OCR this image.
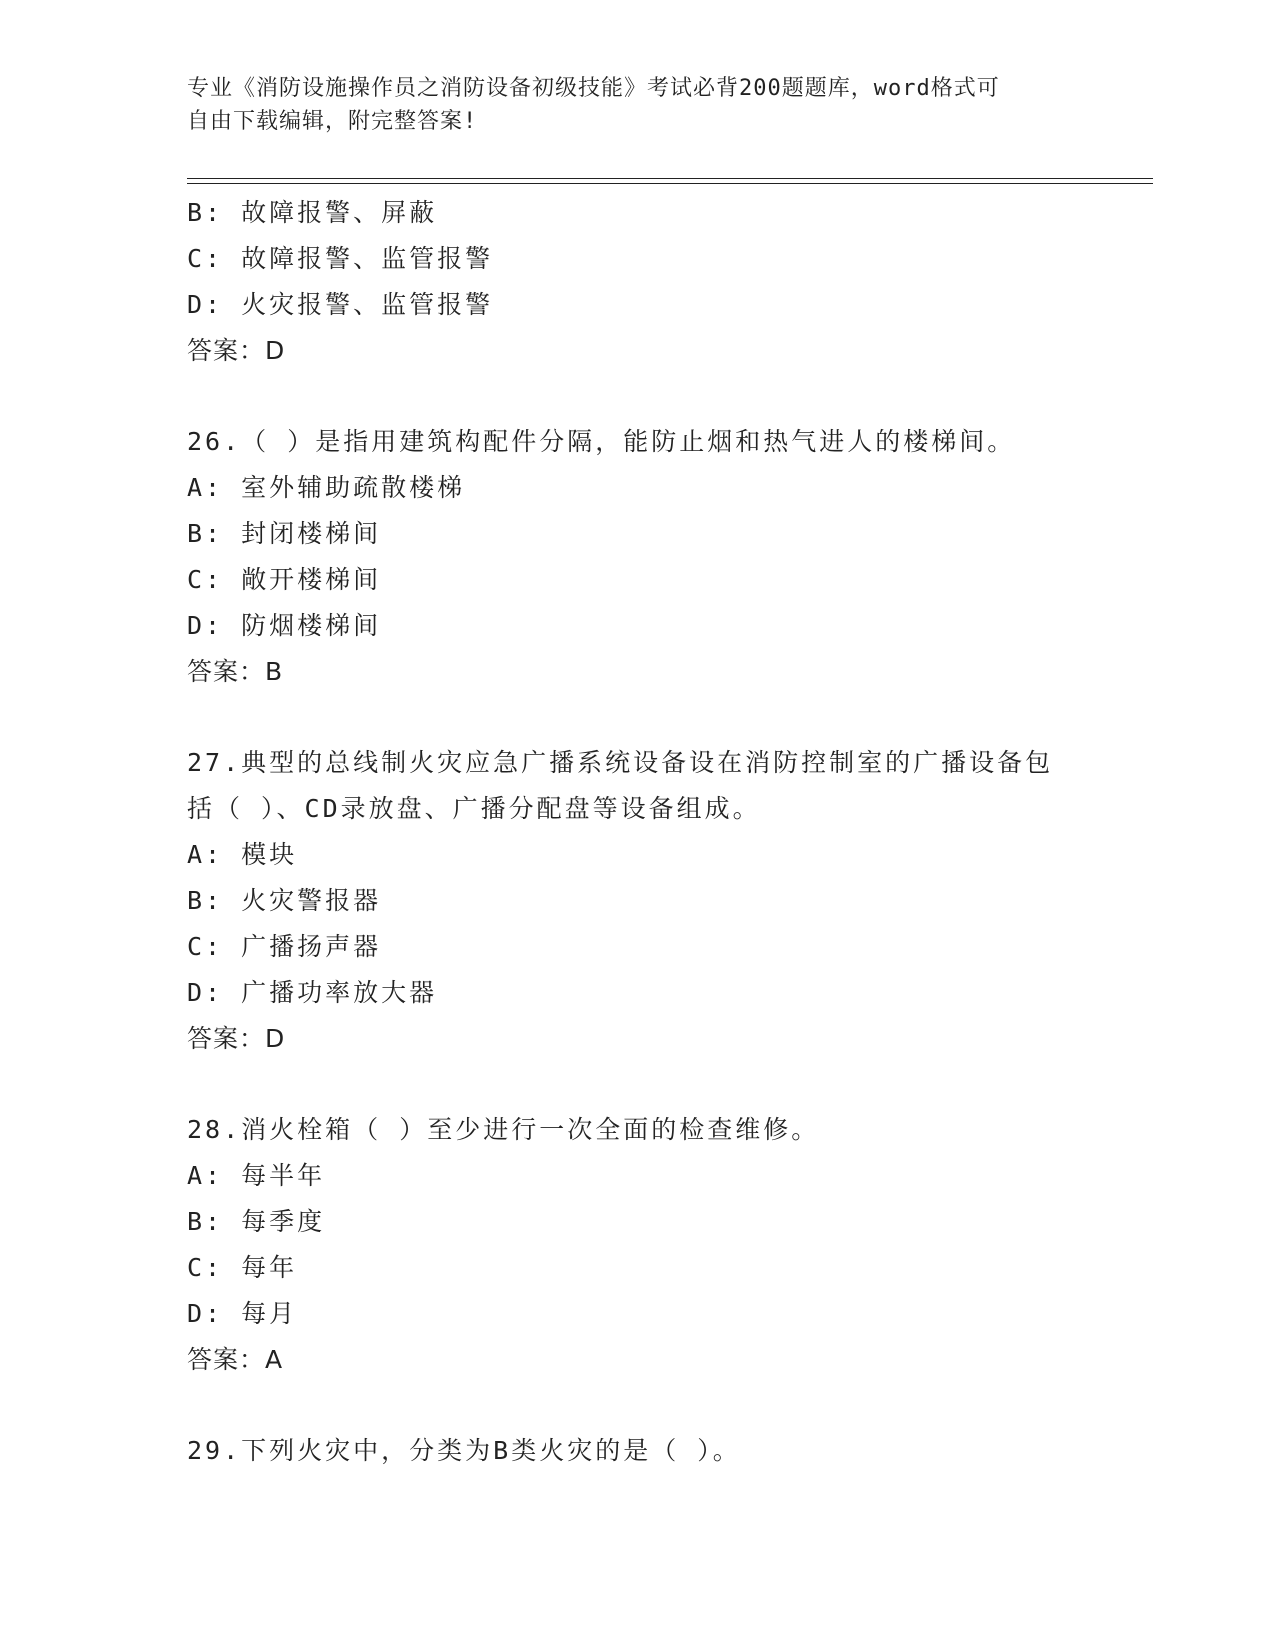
专业《消防设施操作员之消防设备初级技能》考试必背200题题库，word格式可
自由下载编辑，附完整答案!
B: 故障报警、屏蔽
C: 故障报警、监管报警
D: 火灾报警、监管报警
答案：D
26.（ ）是指用建筑构配件分隔，能防止烟和热气进人的楼梯间。
A: 室外辅助疏散楼梯
B: 封闭楼梯间
C: 敞开楼梯间
D: 防烟楼梯间
答案：B
27.典型的总线制火灾应急广播系统设备设在消防控制室的广播设备包
括（ ）、CD录放盘、广播分配盘等设备组成。
A: 模块
B: 火灾警报器
C: 广播扬声器
D: 广播功率放大器
答案：D
28.消火栓箱（ ）至少进行一次全面的检查维修。
A: 每半年
B: 每季度
C: 每年
D: 每月
答案：A
29.下列火灾中，分类为B类火灾的是（ ）。
